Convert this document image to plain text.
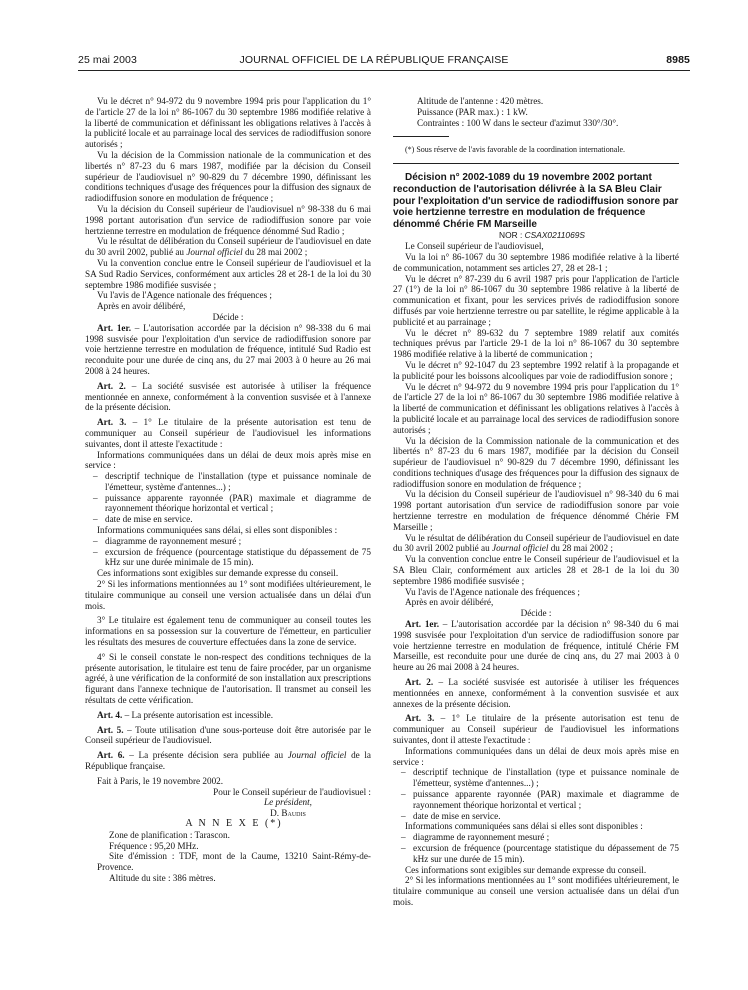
25 mai 2003	JOURNAL OFFICIEL DE LA RÉPUBLIQUE FRANÇAISE	8985

Vu le décret n° 94-972 du 9 novembre 1994 pris pour l'application du 1° de l'article 27 de la loi n° 86-1067 du 30 septembre 1986 modifiée relative à la liberté de communication et définissant les obligations relatives à l'accès à la publicité locale et au parrainage local des services de radiodiffusion sonore autorisés ;

Vu la décision de la Commission nationale de la communication et des libertés n° 87-23 du 6 mars 1987, modifiée par la décision du Conseil supérieur de l'audiovisuel n° 90-829 du 7 décembre 1990, définissant les conditions techniques d'usage des fréquences pour la diffusion des signaux de radiodiffusion sonore en modulation de fréquence ;

Vu la décision du Conseil supérieur de l'audiovisuel n° 98-338 du 6 mai 1998 portant autorisation d'un service de radiodiffusion sonore par voie hertzienne terrestre en modulation de fréquence dénommé Sud Radio ;

Vu le résultat de délibération du Conseil supérieur de l'audiovisuel en date du 30 avril 2002, publié au Journal officiel du 28 mai 2002 ;

Vu la convention conclue entre le Conseil supérieur de l'audiovisuel et la SA Sud Radio Services, conformément aux articles 28 et 28-1 de la loi du 30 septembre 1986 modifiée susvisée ;

Vu l'avis de l'Agence nationale des fréquences ;

Après en avoir délibéré,

Décide :

Art. 1er. – L'autorisation accordée par la décision n° 98-338 du 6 mai 1998 susvisée pour l'exploitation d'un service de radiodiffusion sonore par voie hertzienne terrestre en modulation de fréquence, intitulé Sud Radio est reconduite pour une durée de cinq ans, du 27 mai 2003 à 0 heure au 26 mai 2008 à 24 heures.

Art. 2. – La société susvisée est autorisée à utiliser la fréquence mentionnée en annexe, conformément à la convention susvisée et à l'annexe de la présente décision.

Art. 3. – 1° Le titulaire de la présente autorisation est tenu de communiquer au Conseil supérieur de l'audiovisuel les informations suivantes, dont il atteste l'exactitude :

Informations communiquées dans un délai de deux mois après mise en service :

– descriptif technique de l'installation (type et puissance nominale de l'émetteur, système d'antennes...) ;

– puissance apparente rayonnée (PAR) maximale et diagramme de rayonnement théorique horizontal et vertical ;

– date de mise en service.

Informations communiquées sans délai, si elles sont disponibles :

– diagramme de rayonnement mesuré ;

– excursion de fréquence (pourcentage statistique du dépassement de 75 kHz sur une durée minimale de 15 min).

Ces informations sont exigibles sur demande expresse du conseil.

2° Si les informations mentionnées au 1° sont modifiées ultérieurement, le titulaire communique au conseil une version actualisée dans un délai d'un mois.

3° Le titulaire est également tenu de communiquer au conseil toutes les informations en sa possession sur la couverture de l'émetteur, en particulier les résultats des mesures de couverture effectuées dans la zone de service.

4° Si le conseil constate le non-respect des conditions techniques de la présente autorisation, le titulaire est tenu de faire procéder, par un organisme agréé, à une vérification de la conformité de son installation aux prescriptions figurant dans l'annexe technique de l'autorisation. Il transmet au conseil les résultats de cette vérification.

Art. 4. – La présente autorisation est incessible.

Art. 5. – Toute utilisation d'une sous-porteuse doit être autorisée par le Conseil supérieur de l'audiovisuel.

Art. 6. – La présente décision sera publiée au Journal officiel de la République française.

Fait à Paris, le 19 novembre 2002.

Pour le Conseil supérieur de l'audiovisuel :

Le président,

D. Baudis

A N N E X E (*)

Zone de planification : Tarascon.

Fréquence : 95,20 MHz.

Site d'émission : TDF, mont de la Caume, 13210 Saint-Rémy-de-Provence.

Altitude du site : 386 mètres.

Altitude de l'antenne : 420 mètres.

Puissance (PAR max.) : 1 kW.

Contraintes : 100 W dans le secteur d'azimut 330°/30°.

(*) Sous réserve de l'avis favorable de la coordination internationale.

Décision n° 2002-1089 du 19 novembre 2002 portant reconduction de l'autorisation délivrée à la SA Bleu Clair pour l'exploitation d'un service de radiodiffusion sonore par voie hertzienne terrestre en modulation de fréquence dénommé Chérie FM Marseille

NOR : CSAX0211069S

Le Conseil supérieur de l'audiovisuel,

Vu la loi n° 86-1067 du 30 septembre 1986 modifiée relative à la liberté de communication, notamment ses articles 27, 28 et 28-1 ;

Vu le décret n° 87-239 du 6 avril 1987 pris pour l'application de l'article 27 (1°) de la loi n° 86-1067 du 30 septembre 1986 relative à la liberté de communication et fixant, pour les services privés de radiodiffusion sonore diffusés par voie hertzienne terrestre ou par satellite, le régime applicable à la publicité et au parrainage ;

Vu le décret n° 89-632 du 7 septembre 1989 relatif aux comités techniques prévus par l'article 29-1 de la loi n° 86-1067 du 30 septembre 1986 modifiée relative à la liberté de communication ;

Vu le décret n° 92-1047 du 23 septembre 1992 relatif à la propagande et la publicité pour les boissons alcooliques par voie de radiodiffusion sonore ;

Vu le décret n° 94-972 du 9 novembre 1994 pris pour l'application du 1° de l'article 27 de la loi n° 86-1067 du 30 septembre 1986 modifiée relative à la liberté de communication et définissant les obligations relatives à l'accès à la publicité locale et au parrainage local des services de radiodiffusion sonore autorisés ;

Vu la décision de la Commission nationale de la communication et des libertés n° 87-23 du 6 mars 1987, modifiée par la décision du Conseil supérieur de l'audiovisuel n° 90-829 du 7 décembre 1990, définissant les conditions techniques d'usage des fréquences pour la diffusion des signaux de radiodiffusion sonore en modulation de fréquence ;

Vu la décision du Conseil supérieur de l'audiovisuel n° 98-340 du 6 mai 1998 portant autorisation d'un service de radiodiffusion sonore par voie hertzienne terrestre en modulation de fréquence dénommé Chérie FM Marseille ;

Vu le résultat de délibération du Conseil supérieur de l'audiovisuel en date du 30 avril 2002 publié au Journal officiel du 28 mai 2002 ;

Vu la convention conclue entre le Conseil supérieur de l'audiovisuel et la SA Bleu Clair, conformément aux articles 28 et 28-1 de la loi du 30 septembre 1986 modifiée susvisée ;

Vu l'avis de l'Agence nationale des fréquences ;

Après en avoir délibéré,

Décide :

Art. 1er. – L'autorisation accordée par la décision n° 98-340 du 6 mai 1998 susvisée pour l'exploitation d'un service de radiodiffusion sonore par voie hertzienne terrestre en modulation de fréquence, intitulé Chérie FM Marseille, est reconduite pour une durée de cinq ans, du 27 mai 2003 à 0 heure au 26 mai 2008 à 24 heures.

Art. 2. – La société susvisée est autorisée à utiliser les fréquences mentionnées en annexe, conformément à la convention susvisée et aux annexes de la présente décision.

Art. 3. – 1° Le titulaire de la présente autorisation est tenu de communiquer au Conseil supérieur de l'audiovisuel les informations suivantes, dont il atteste l'exactitude :

Informations communiquées dans un délai de deux mois après mise en service :

– descriptif technique de l'installation (type et puissance nominale de l'émetteur, système d'antennes...) ;

– puissance apparente rayonnée (PAR) maximale et diagramme de rayonnement théorique horizontal et vertical ;

– date de mise en service.

Informations communiquées sans délai si elles sont disponibles :

– diagramme de rayonnement mesuré ;

– excursion de fréquence (pourcentage statistique du dépassement de 75 kHz sur une durée de 15 min).

Ces informations sont exigibles sur demande expresse du conseil.

2° Si les informations mentionnées au 1° sont modifiées ultérieurement, le titulaire communique au conseil une version actualisée dans un délai d'un mois.
